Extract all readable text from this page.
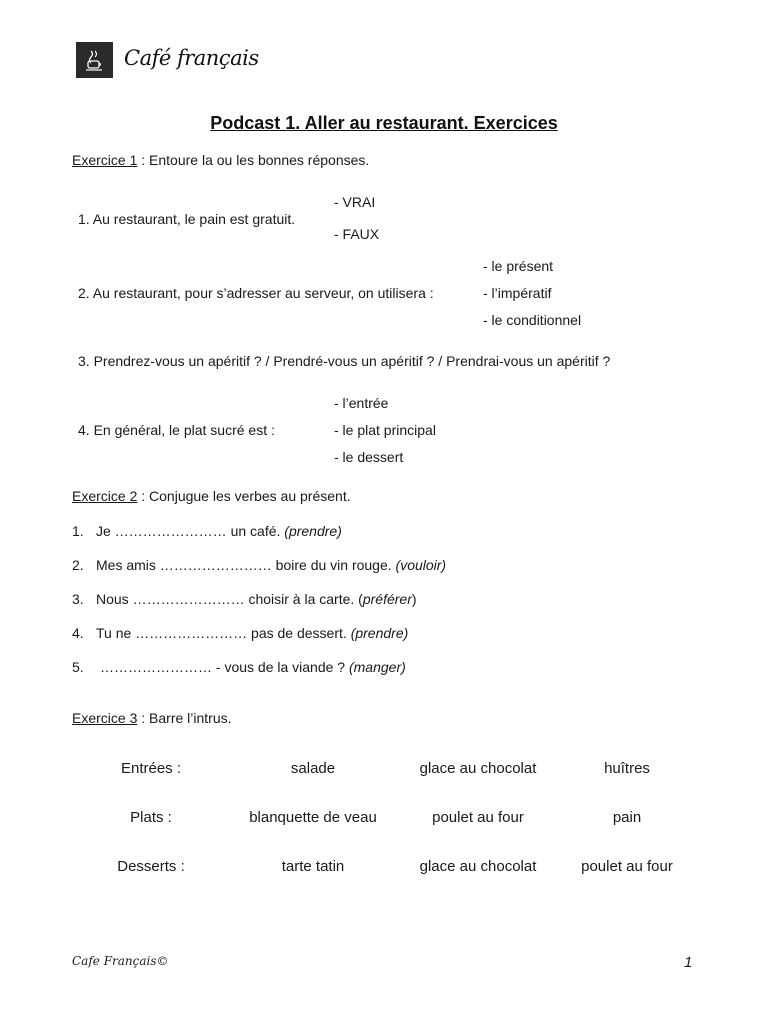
Café français
Podcast 1. Aller au restaurant. Exercices
Exercice 1 : Entoure la ou les bonnes réponses.
1. Au restaurant, le pain est gratuit.
- VRAI
- FAUX
2. Au restaurant, pour s’adresser au serveur, on utilisera :
- le présent
- l’impératif
- le conditionnel
3. Prendrez-vous un apéritif ? / Prendré-vous un apéritif ? / Prendrai-vous un apéritif ?
4. En général, le plat sucré est :
- l’entrée
- le plat principal
- le dessert
Exercice 2 : Conjugue les verbes au présent.
1. Je …………………… un café. (prendre)
2. Mes amis …………………… boire du vin rouge. (vouloir)
3. Nous …………………… choisir à la carte. (préférer)
4. Tu ne …………………… pas de dessert. (prendre)
5. …………………… - vous de la viande ? (manger)
Exercice 3 : Barre l’intrus.
Entrées :	salade	glace au chocolat	huîtres
Plats :	blanquette de veau	poulet au four	pain
Desserts :	tarte tatin	glace au chocolat	poulet au four
Cafe Français©	1
